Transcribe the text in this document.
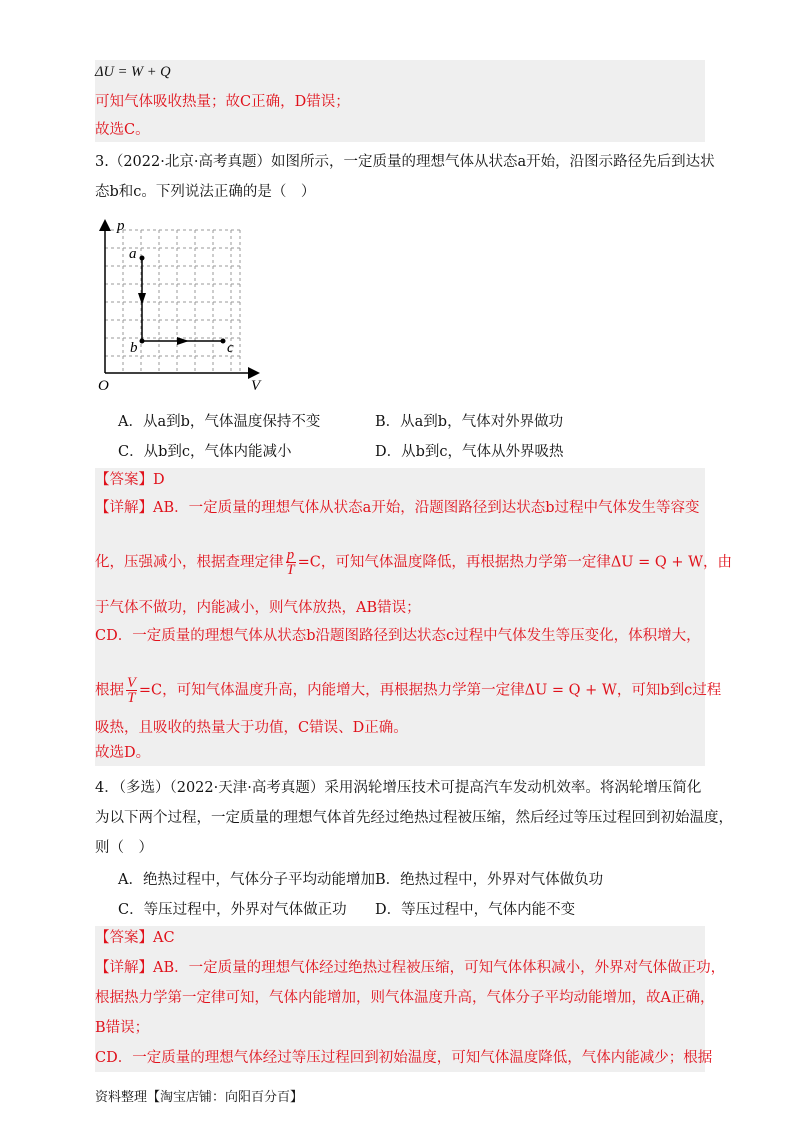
ΔU = W + Q
可知气体吸收热量；故C正确，D错误；
故选C。
3.（2022·北京·高考真题）如图所示，一定质量的理想气体从状态a开始，沿图示路径先后到达状
态b和c。下列说法正确的是（　）
p
a
b	c
O	V
A．从a到b，气体温度保持不变	B．从a到b，气体对外界做功
C．从b到c，气体内能减小	D．从b到c，气体从外界吸热
【答案】D
【详解】AB．一定质量的理想气体从状态a开始，沿题图路径到达状态b过程中气体发生等容变
化，压强减小，根据查理定律 $\frac{p}{T} =C$，可知气体温度降低，再根据热力学第一定律ΔU = Q + W，由
于气体不做功，内能减小，则气体放热，AB错误；
CD．一定质量的理想气体从状态b沿题图路径到达状态c过程中气体发生等压变化，体积增大，
根据 $\frac{V}{T} =C$，可知气体温度升高，内能增大，再根据热力学第一定律ΔU = Q + W，可知b到c过程
吸热，且吸收的热量大于功值，C错误、D正确。
故选D。
4．（多选）（2022·天津·高考真题）采用涡轮增压技术可提高汽车发动机效率。将涡轮增压简化
为以下两个过程，一定质量的理想气体首先经过绝热过程被压缩，然后经过等压过程回到初始温度，
则（　）
A．绝热过程中，气体分子平均动能增加 B．绝热过程中，外界对气体做负功
C．等压过程中，外界对气体做正功 D．等压过程中，气体内能不变
【答案】AC
【详解】AB．一定质量的理想气体经过绝热过程被压缩，可知气体体积减小，外界对气体做正功，
根据热力学第一定律可知，气体内能增加，则气体温度升高，气体分子平均动能增加，故A正确，
B错误；
CD．一定质量的理想气体经过等压过程回到初始温度，可知气体温度降低，气体内能减少；根据
资料整理【淘宝店铺：向阳百分百】
